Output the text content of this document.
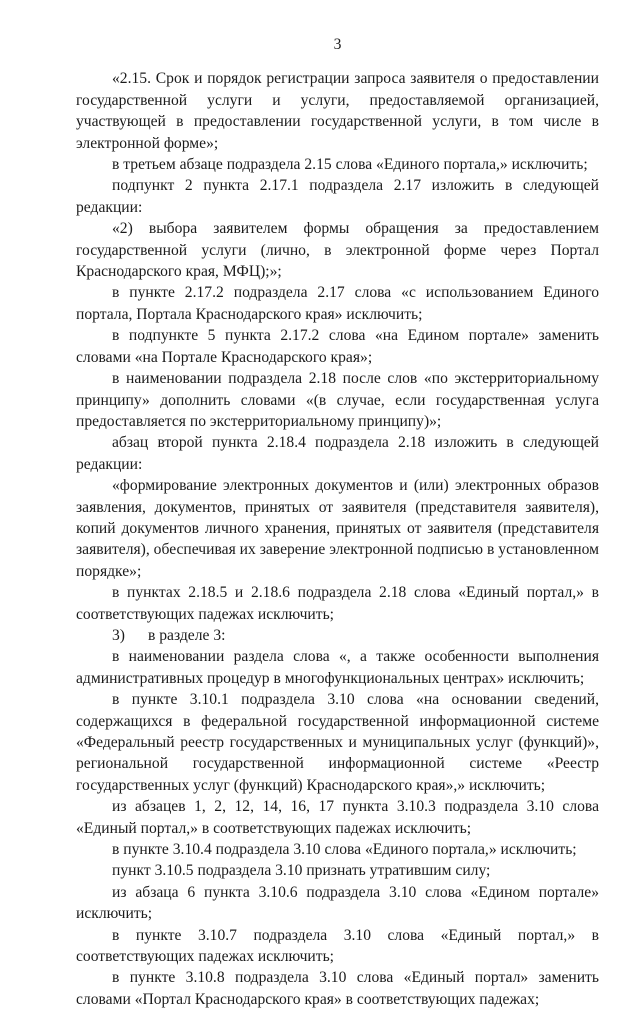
3

«2.15. Срок и порядок регистрации запроса заявителя о предоставлении государственной услуги и услуги, предоставляемой организацией, участвующей в предоставлении государственной услуги, в том числе в электронной форме»;

в третьем абзаце подраздела 2.15 слова «Единого портала,» исключить;

подпункт 2 пункта 2.17.1 подраздела 2.17 изложить в следующей редакции:

«2) выбора заявителем формы обращения за предоставлением государственной услуги (лично, в электронной форме через Портал Краснодарского края, МФЦ);»;

в пункте 2.17.2 подраздела 2.17 слова «с использованием Единого портала, Портала Краснодарского края» исключить;

в подпункте 5 пункта 2.17.2 слова «на Едином портале» заменить словами «на Портале Краснодарского края»;

в наименовании подраздела 2.18 после слов «по экстерриториальному принципу» дополнить словами «(в случае, если государственная услуга предоставляется по экстерриториальному принципу)»;

абзац второй пункта 2.18.4 подраздела 2.18 изложить в следующей редакции:

«формирование электронных документов и (или) электронных образов заявления, документов, принятых от заявителя (представителя заявителя), копий документов личного хранения, принятых от заявителя (представителя заявителя), обеспечивая их заверение электронной подписью в установленном порядке»;

в пунктах 2.18.5 и 2.18.6 подраздела 2.18 слова «Единый портал,» в соответствующих падежах исключить;

3) в разделе 3:

в наименовании раздела слова «, а также особенности выполнения административных процедур в многофункциональных центрах» исключить;

в пункте 3.10.1 подраздела 3.10 слова «на основании сведений, содержащихся в федеральной государственной информационной системе «Федеральный реестр государственных и муниципальных услуг (функций)», региональной государственной информационной системе «Реестр государственных услуг (функций) Краснодарского края»,» исключить;

из абзацев 1, 2, 12, 14, 16, 17 пункта 3.10.3 подраздела 3.10 слова «Единый портал,» в соответствующих падежах исключить;

в пункте 3.10.4 подраздела 3.10 слова «Единого портала,» исключить;

пункт 3.10.5 подраздела 3.10 признать утратившим силу;

из абзаца 6 пункта 3.10.6 подраздела 3.10 слова «Едином портале» исключить;

в пункте 3.10.7 подраздела 3.10 слова «Единый портал,» в соответствующих падежах исключить;

в пункте 3.10.8 подраздела 3.10 слова «Единый портал» заменить словами «Портал Краснодарского края» в соответствующих падежах;
